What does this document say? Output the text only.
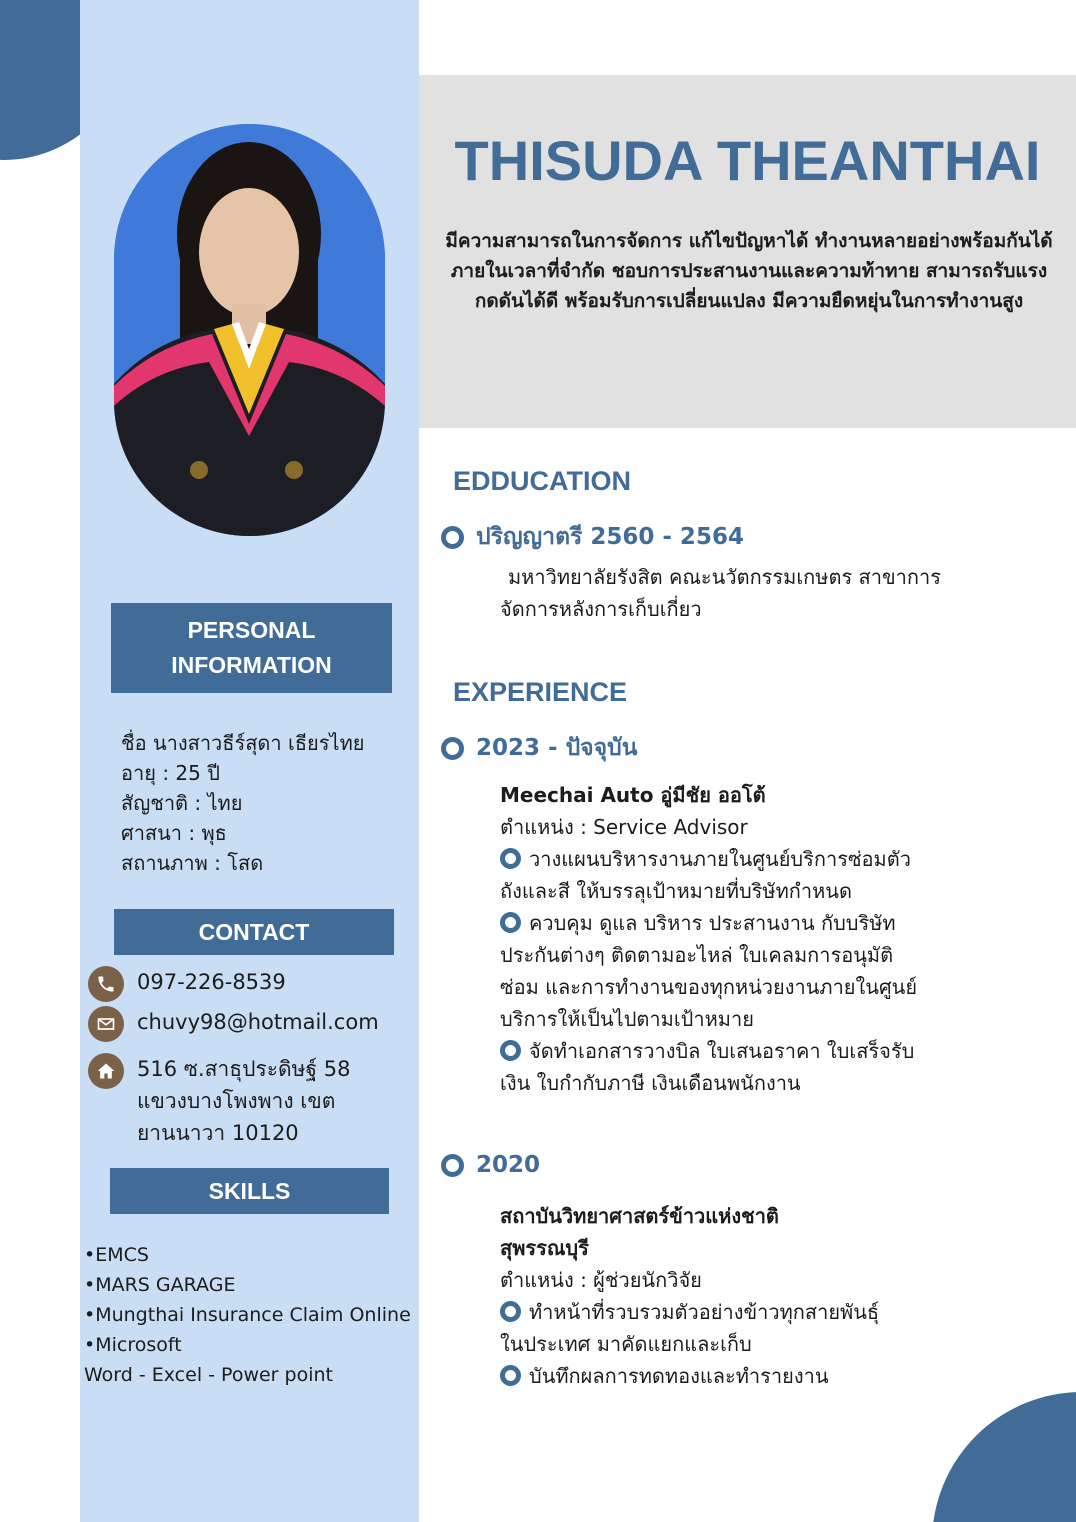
THISUDA THEANTHAI
มีความสามารถในการจัดการ แก้ไขปัญหาได้ ทำงานหลายอย่างพร้อมกันได้ภายในเวลาที่จำกัด ชอบการประสานงานและความท้าทาย สามารถรับแรงกดดันได้ดี พร้อมรับการเปลี่ยนแปลง มีความยืดหยุ่นในการทำงานสูง
PERSONAL INFORMATION
ชื่อ นางสาวธีร์สุดา เธียรไทย
อายุ : 25 ปี
สัญชาติ : ไทย
ศาสนา : พุธ
สถานภาพ : โสด
CONTACT
097-226-8539
chuvy98@hotmail.com
516 ซ.สาธุประดิษฐ์ 58 แขวงบางโพงพาง เขตยานนาวา 10120
SKILLS
•EMCS
•MARS GARAGE
•Mungthai Insurance Claim Online
•Microsoft
Word - Excel - Power point
EDDUCATION
ปริญญาตรี 2560 - 2564
มหาวิทยาลัยรังสิต คณะนวัตกรรมเกษตร สาขาการจัดการหลังการเก็บเกี่ยว
EXPERIENCE
2023 - ปัจจุบัน
Meechai Auto อู่มีชัย ออโต้
ตำแหน่ง : Service Advisor
วางแผนบริหารงานภายในศูนย์บริการซ่อมตัวถังและสี ให้บรรลุเป้าหมายที่บริษัทกำหนด
ควบคุม ดูแล บริหาร ประสานงาน กับบริษัทประกันต่างๆ ติดตามอะไหล่ ใบเคลมการอนุมัติซ่อม และการทำงานของทุกหน่วยงานภายในศูนย์บริการให้เป็นไปตามเป้าหมาย
จัดทำเอกสารวางบิล ใบเสนอราคา ใบเสร็จรับเงิน ใบกำกับภาษี เงินเดือนพนักงาน
2020
สถาบันวิทยาศาสตร์ข้าวแห่งชาติ สุพรรณบุรี
ตำแหน่ง : ผู้ช่วยนักวิจัย
ทำหน้าที่รวบรวมตัวอย่างข้าวทุกสายพันธุ์ในประเทศ มาคัดแยกและเก็บ
บันทึกผลการทดทองและทำรายงาน
